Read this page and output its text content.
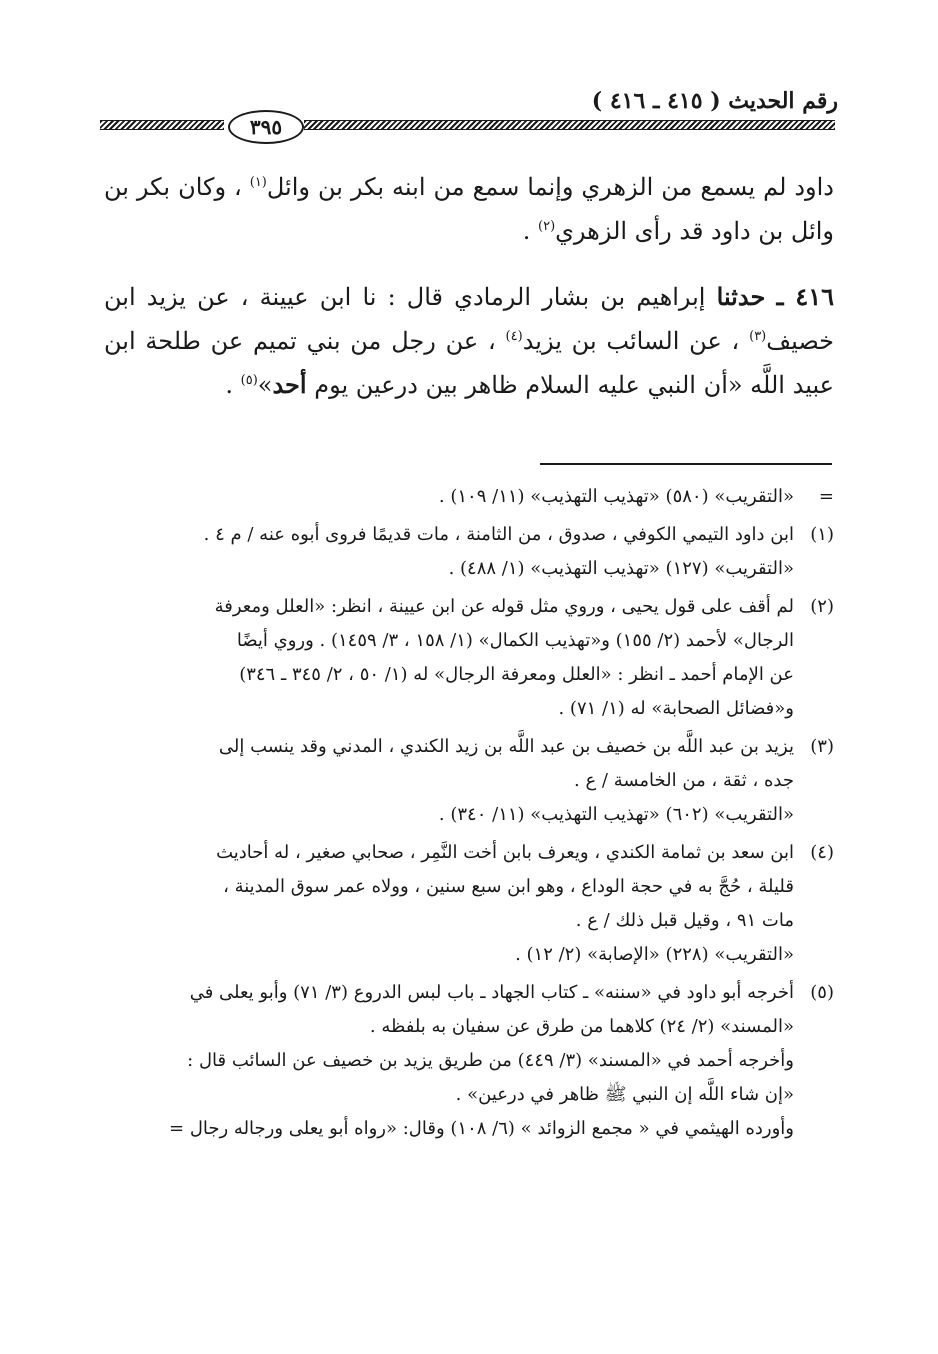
رقم الحديث ( ٤١٥ ـ ٤١٦ )
٣٩٥

داود لم يسمع من الزهري وإنما سمع من ابنه بكر بن وائل$^{(١)}$ ، وكان بكر بن وائل بن داود قد رأى الزهري$^{(٢)}$ .

٤١٦ ـ حدثنا إبراهيم بن بشار الرمادي قال : نا ابن عيينة ، عن يزيد ابن خصيف$^{(٣)}$ ، عن السائب بن يزيد$^{(٤)}$ ، عن رجل من بني تميم عن طلحة ابن عبيد اللَّه «أن النبي عليه السلام ظاهر بين درعين يوم أحد»$^{(٥)}$ .

=
«التقريب» (٥٨٠) «تهذيب التهذيب» (١١/ ١٠٩) .
(١)
ابن داود التيمي الكوفي ، صدوق ، من الثامنة ، مات قديمًا فروى أبوه عنه / م ٤ .
«التقريب» (١٢٧) «تهذيب التهذيب» (١/ ٤٨٨) .
(٢)
لم أقف على قول يحيى ، وروي مثل قوله عن ابن عيينة ، انظر: «العلل ومعرفة
الرجال» لأحمد (٢/ ١٥٥) و«تهذيب الكمال» (١/ ١٥٨ ، ٣/ ١٤٥٩) . وروي أيضًا
عن الإمام أحمد ـ انظر : «العلل ومعرفة الرجال» له (١/ ٥٠ ، ٢/ ٣٤٥ ـ ٣٤٦)
و«فضائل الصحابة» له (١/ ٧١) .
(٣)
يزيد بن عبد اللَّه بن خصيف بن عبد اللَّه بن زيد الكندي ، المدني وقد ينسب إلى
جده ، ثقة ، من الخامسة / ع .
«التقريب» (٦٠٢) «تهذيب التهذيب» (١١/ ٣٤٠) .
(٤)
ابن سعد بن ثمامة الكندي ، ويعرف بابن أخت النَّمِر ، صحابي صغير ، له أحاديث
قليلة ، حُجَّ به في حجة الوداع ، وهو ابن سبع سنين ، وولاه عمر سوق المدينة ،
مات ٩١ ، وقيل قبل ذلك / ع .
«التقريب» (٢٢٨) «الإصابة» (٢/ ١٢) .
(٥)
أخرجه أبو داود في «سننه» ـ كتاب الجهاد ـ باب لبس الدروع (٣/ ٧١) وأبو يعلى في
«المسند» (٢/ ٢٤) كلاهما من طرق عن سفيان به بلفظه .
وأخرجه أحمد في «المسند» (٣/ ٤٤٩) من طريق يزيد بن خصيف عن السائب قال :
«إن شاء اللَّه إن النبي ﷺ ظاهر في درعين» .
وأورده الهيثمي في « مجمع الزوائد » (٦/ ١٠٨) وقال: «رواه أبو يعلى ورجاله رجال =
